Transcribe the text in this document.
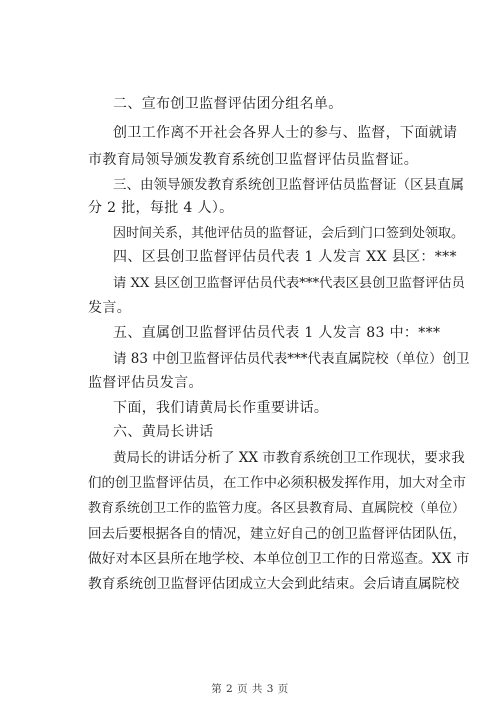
二、宣布创卫监督评估团分组名单。
创卫工作离不开社会各界人士的参与、监督，下面就请
市教育局领导颁发教育系统创卫监督评估员监督证。
三、由领导颁发教育系统创卫监督评估员监督证（区县直属
分 2 批，每批 4 人）。
因时间关系，其他评估员的监督证，会后到门口签到处领取。
四、区县创卫监督评估员代表 1 人发言 XX 县区：***
请 XX 县区创卫监督评估员代表***代表区县创卫监督评估员
发言。
五、直属创卫监督评估员代表 1 人发言 83 中：***
请 83 中创卫监督评估员代表***代表直属院校（单位）创卫
监督评估员发言。
下面，我们请黄局长作重要讲话。
六、黄局长讲话
黄局长的讲话分析了 XX 市教育系统创卫工作现状，要求我
们的创卫监督评估员，在工作中必须积极发挥作用，加大对全市
教育系统创卫工作的监管力度。各区县教育局、直属院校（单位）
回去后要根据各自的情况，建立好自己的创卫监督评估团队伍，
做好对本区县所在地学校、本单位创卫工作的日常巡查。XX 市
教育系统创卫监督评估团成立大会到此结束。会后请直属院校
第 2 页 共 3 页
